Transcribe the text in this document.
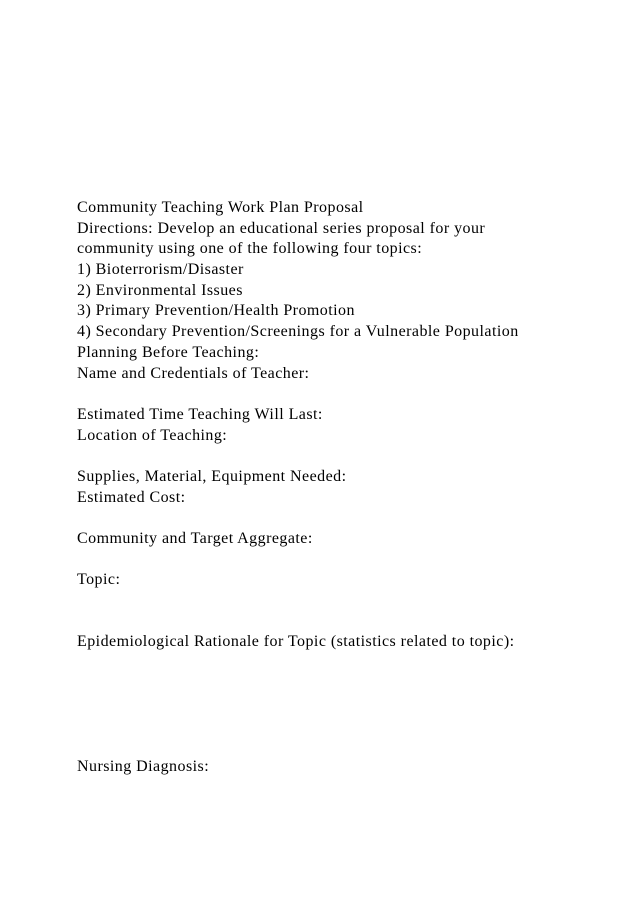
Community Teaching Work Plan Proposal
Directions: Develop an educational series proposal for your
community using one of the following four topics:
1) Bioterrorism/Disaster
2) Environmental Issues
3) Primary Prevention/Health Promotion
4) Secondary Prevention/Screenings for a Vulnerable Population
Planning Before Teaching:
Name and Credentials of Teacher:
Estimated Time Teaching Will Last:
Location of Teaching:
Supplies, Material, Equipment Needed:
Estimated Cost:
Community and Target Aggregate:
Topic:
Epidemiological Rationale for Topic (statistics related to topic):
Nursing Diagnosis:
